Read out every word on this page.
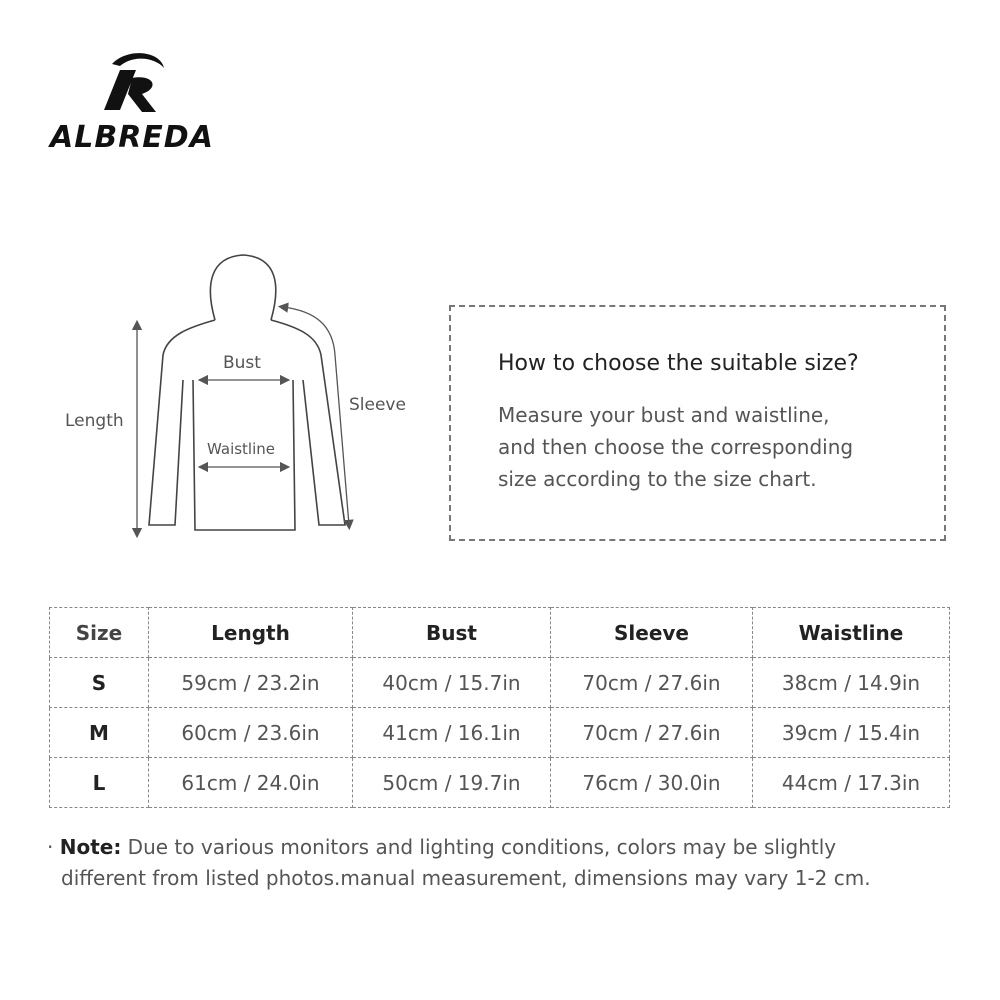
ALBREDA
Length
Bust
Waistline
Sleeve
How to choose the suitable size?
Measure your bust and waistline,
and then choose the corresponding
size according to the size chart.
Size	Length	Bust	Sleeve	Waistline
S	59cm / 23.2in	40cm / 15.7in	70cm / 27.6in	38cm / 14.9in
M	60cm / 23.6in	41cm / 16.1in	70cm / 27.6in	39cm / 15.4in
L	61cm / 24.0in	50cm / 19.7in	76cm / 30.0in	44cm / 17.3in
· Note: Due to various monitors and lighting conditions, colors may be slightly
different from listed photos.manual measurement, dimensions may vary 1-2 cm.
